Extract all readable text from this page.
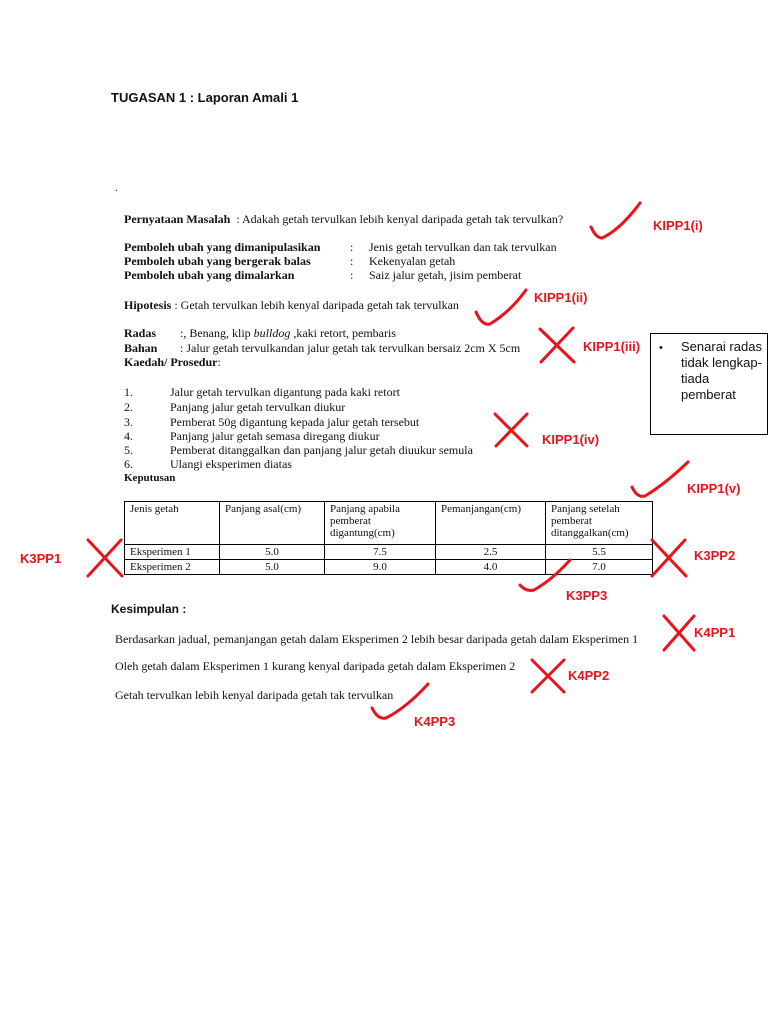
TUGASAN 1 : Laporan Amali 1
.
Pernyataan Masalah : Adakah getah tervulkan lebih kenyal daripada getah tak tervulkan?
Pemboleh ubah yang dimanipulasikan : Jenis getah tervulkan dan tak tervulkan
Pemboleh ubah yang bergerak balas	: Kekenyalan getah
Pemboleh ubah yang dimalarkan	: Saiz jalur getah, jisim pemberat
Hipotesis : Getah tervulkan lebih kenyal daripada getah tak tervulkan
Radas :, Benang, klip bulldog ,kaki retort, pembaris
Bahan : Jalur getah tervulkandan jalur getah tak tervulkan bersaiz 2cm X 5cm
Kaedah/ Prosedur:
1.	Jalur getah tervulkan digantung pada kaki retort
2.	Panjang jalur getah tervulkan diukur
3.	Pemberat 50g digantung kepada jalur getah tersebut
4.	Panjang jalur getah semasa diregang diukur
5.	Pemberat ditanggalkan dan panjang jalur getah diuukur semula
6.	Ulangi eksperimen diatas
Keputusan
Jenis getah	Panjang asal(cm)	Panjang apabila pemberat digantung(cm)	Pemanjangan(cm)	Panjang setelah pemberat ditanggalkan(cm)
Eksperimen 1	5.0	7.5	2.5	5.5
Eksperimen 2	5.0	9.0	4.0	7.0
Kesimpulan :
Berdasarkan jadual, pemanjangan getah dalam Eksperimen 2 lebih besar daripada getah dalam Eksperimen 1
Oleh getah dalam Eksperimen 1 kurang kenyal daripada getah dalam Eksperimen 2
Getah tervulkan lebih kenyal daripada getah tak tervulkan
• Senarai radas tidak lengkap-tiada pemberat
KIPP1(i)
KIPP1(ii)
KIPP1(iii)
KIPP1(iv)
KIPP1(v)
K3PP1	K3PP2
K3PP3
K4PP1
K4PP2
K4PP3
